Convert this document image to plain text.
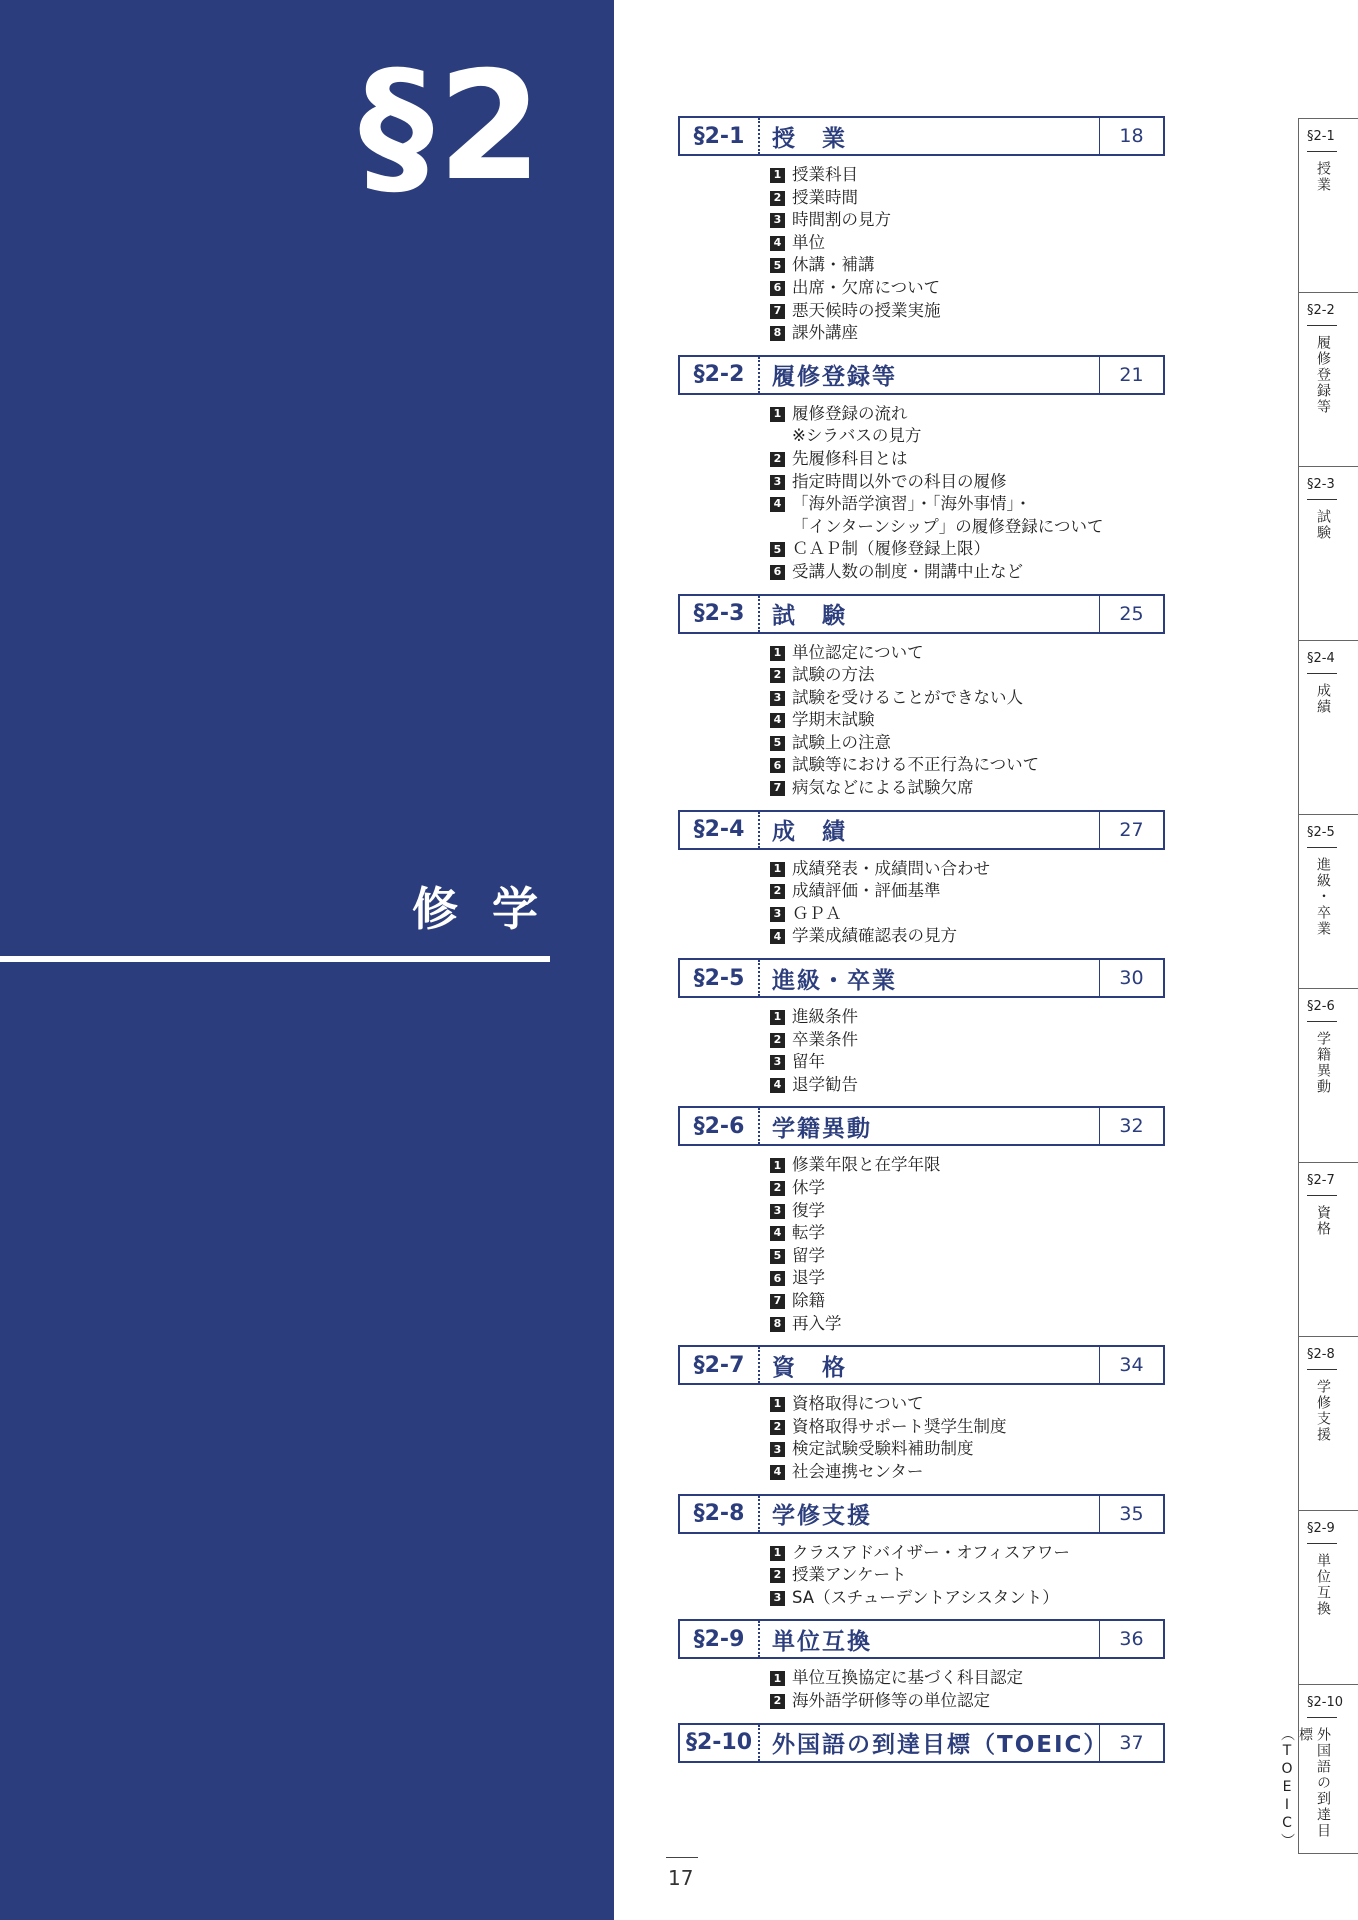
§2
修学
§2-1	授　業	18
1 授業科目
2 授業時間
3 時間割の見方
4 単位
5 休講・補講
6 出席・欠席について
7 悪天候時の授業実施
8 課外講座
§2-2	履修登録等	21
1 履修登録の流れ
※シラバスの見方
2 先履修科目とは
3 指定時間以外での科目の履修
4 「海外語学演習」・「海外事情」・
「インターンシップ」の履修登録について
5 ＣＡＰ制（履修登録上限）
6 受講人数の制度・開講中止など
§2-3	試　験	25
1 単位認定について
2 試験の方法
3 試験を受けることができない人
4 学期末試験
5 試験上の注意
6 試験等における不正行為について
7 病気などによる試験欠席
§2-4	成　績	27
1 成績発表・成績問い合わせ
2 成績評価・評価基準
3 ＧＰＡ
4 学業成績確認表の見方
§2-5	進級・卒業	30
1 進級条件
2 卒業条件
3 留年
4 退学勧告
§2-6	学籍異動	32
1 修業年限と在学年限
2 休学
3 復学
4 転学
5 留学
6 退学
7 除籍
8 再入学
§2-7	資　格	34
1 資格取得について
2 資格取得サポート奨学生制度
3 検定試験受験料補助制度
4 社会連携センター
§2-8	学修支援	35
1 クラスアドバイザー・オフィスアワー
2 授業アンケート
3 SA（スチューデントアシスタント）
§2-9	単位互換	36
1 単位互換協定に基づく科目認定
2 海外語学研修等の単位認定
§2-10 外国語の到達目標（TOEIC） 37
17
§2-1
授業
§2-2
履修登録等
§2-3
試験
§2-4
成績
§2-5
進級・卒業
§2-6
学籍異動
§2-7
資格
§2-8
学修支援
§2-9
単位互換
§2-10
外国語の到達目標（TOEIC）
